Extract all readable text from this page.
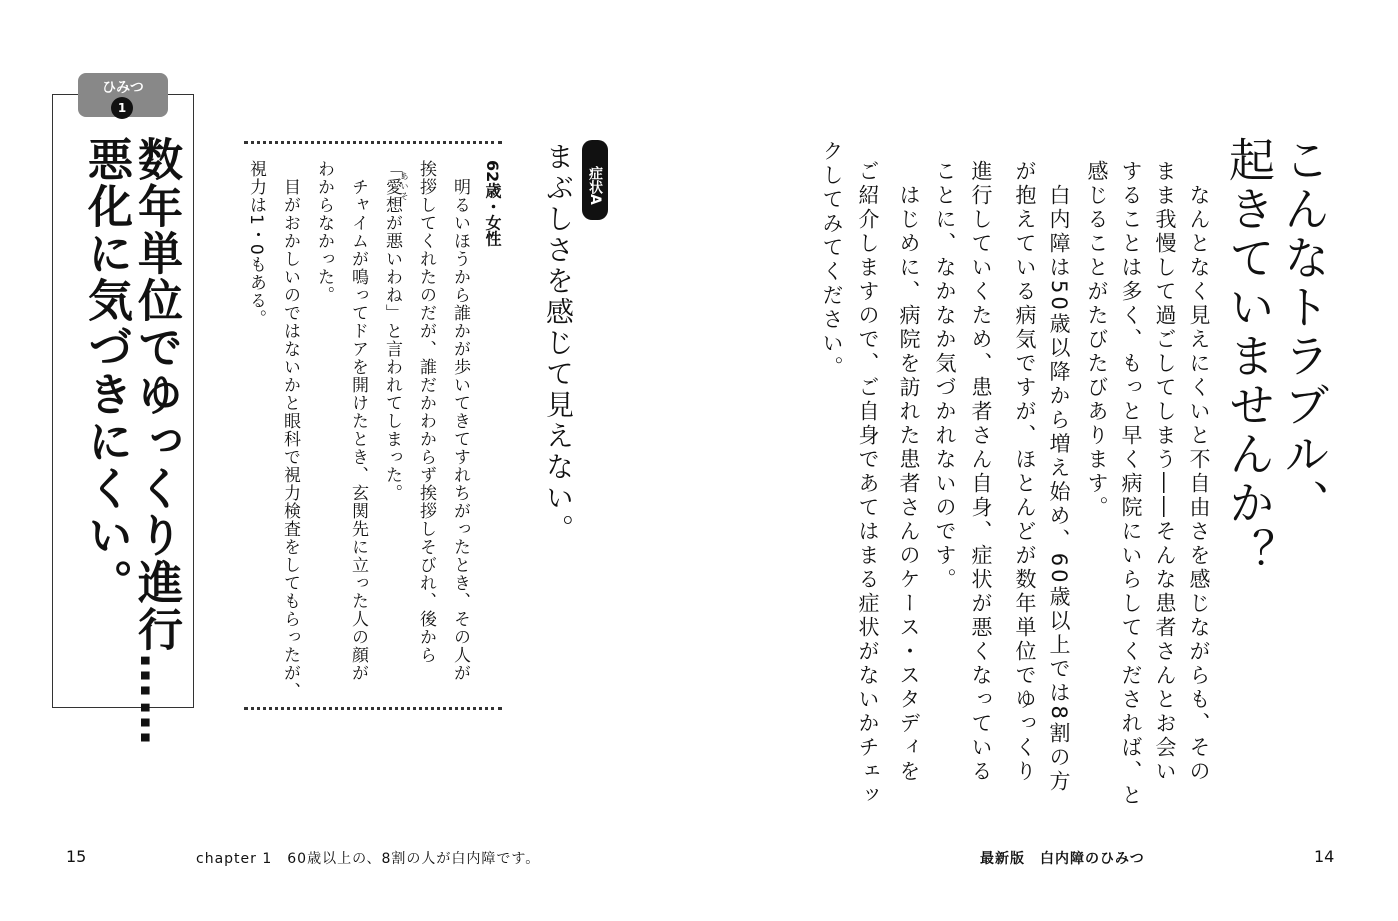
ひみつ
1
数年単位でゆっくり進行……
悪化に気づきにくい。	62歳・女性
　明るいほうから誰かが歩いてきてすれちがったとき、その人が
挨拶してくれたのだが、誰だかわからず挨拶しそびれ、後から
「愛想が悪いわね」と言われてしまった。
あいそ
　チャイムが鳴ってドアを開けたとき、玄関先に立った人の顔が
わからなかった。
　目がおかしいのではないかと眼科で視力検査をしてもらったが、
視力は1・0もある。	症状A
まぶしさを感じて見えない。
15	chapter 1　60歳以上の、8割の人が白内障です。
こんなトラブル、
起きていませんか？
　なんとなく見えにくいと不自由さを感じながらも、その
まま我慢して過ごしてしまう――そんな患者さんとお会い
することは多く、もっと早く病院にいらしてくだされば、と
感じることがたびたびあります。
　白内障は50歳以降から増え始め、60歳以上では8割の方
が抱えている病気ですが、ほとんどが数年単位でゆっくり
進行していくため、患者さん自身、症状が悪くなっている
ことに、なかなか気づかれないのです。
　はじめに、病院を訪れた患者さんのケース・スタディを
ご紹介しますので、ご自身であてはまる症状がないかチェッ
クしてみてください。
最新版　白内障のひみつ	14
